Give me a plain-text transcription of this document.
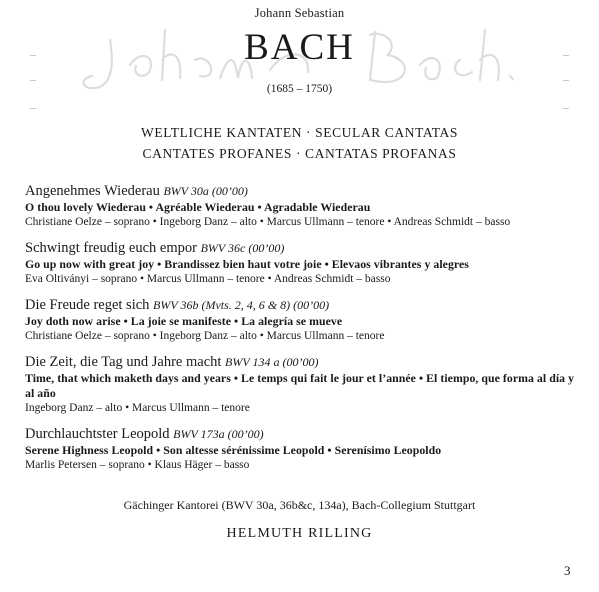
Johann Sebastian
BACH
(1685 – 1750)
WELTLICHE KANTATEN · SECULAR CANTATAS
CANTATES PROFANES · CANTATAS PROFANAS
Angenehmes Wiederau BWV 30a (00’00)
O thou lovely Wiederau • Agréable Wiederau • Agradable Wiederau
Christiane Oelze – soprano • Ingeborg Danz – alto • Marcus Ullmann – tenore • Andreas Schmidt – basso
Schwingt freudig euch empor BWV 36c (00’00)
Go up now with great joy • Brandissez bien haut votre joie • Elevaos vibrantes y alegres
Eva Oltiványi – soprano • Marcus Ullmann – tenore • Andreas Schmidt – basso
Die Freude reget sich BWV 36b (Mvts. 2, 4, 6 & 8) (00’00)
Joy doth now arise • La joie se manifeste • La alegría se mueve
Christiane Oelze – soprano • Ingeborg Danz – alto • Marcus Ullmann – tenore
Die Zeit, die Tag und Jahre macht BWV 134 a (00’00)
Time, that which maketh days and years • Le temps qui fait le jour et l’année • El tiempo, que forma al día y al año
Ingeborg Danz – alto • Marcus Ullmann – tenore
Durchlauchtster Leopold BWV 173a (00’00)
Serene Highness Leopold • Son altesse sérénissime Leopold • Serenísimo Leopoldo
Marlis Petersen – soprano • Klaus Häger – basso
Gächinger Kantorei (BWV 30a, 36b&c, 134a), Bach-Collegium Stuttgart
HELMUTH RILLING
3
